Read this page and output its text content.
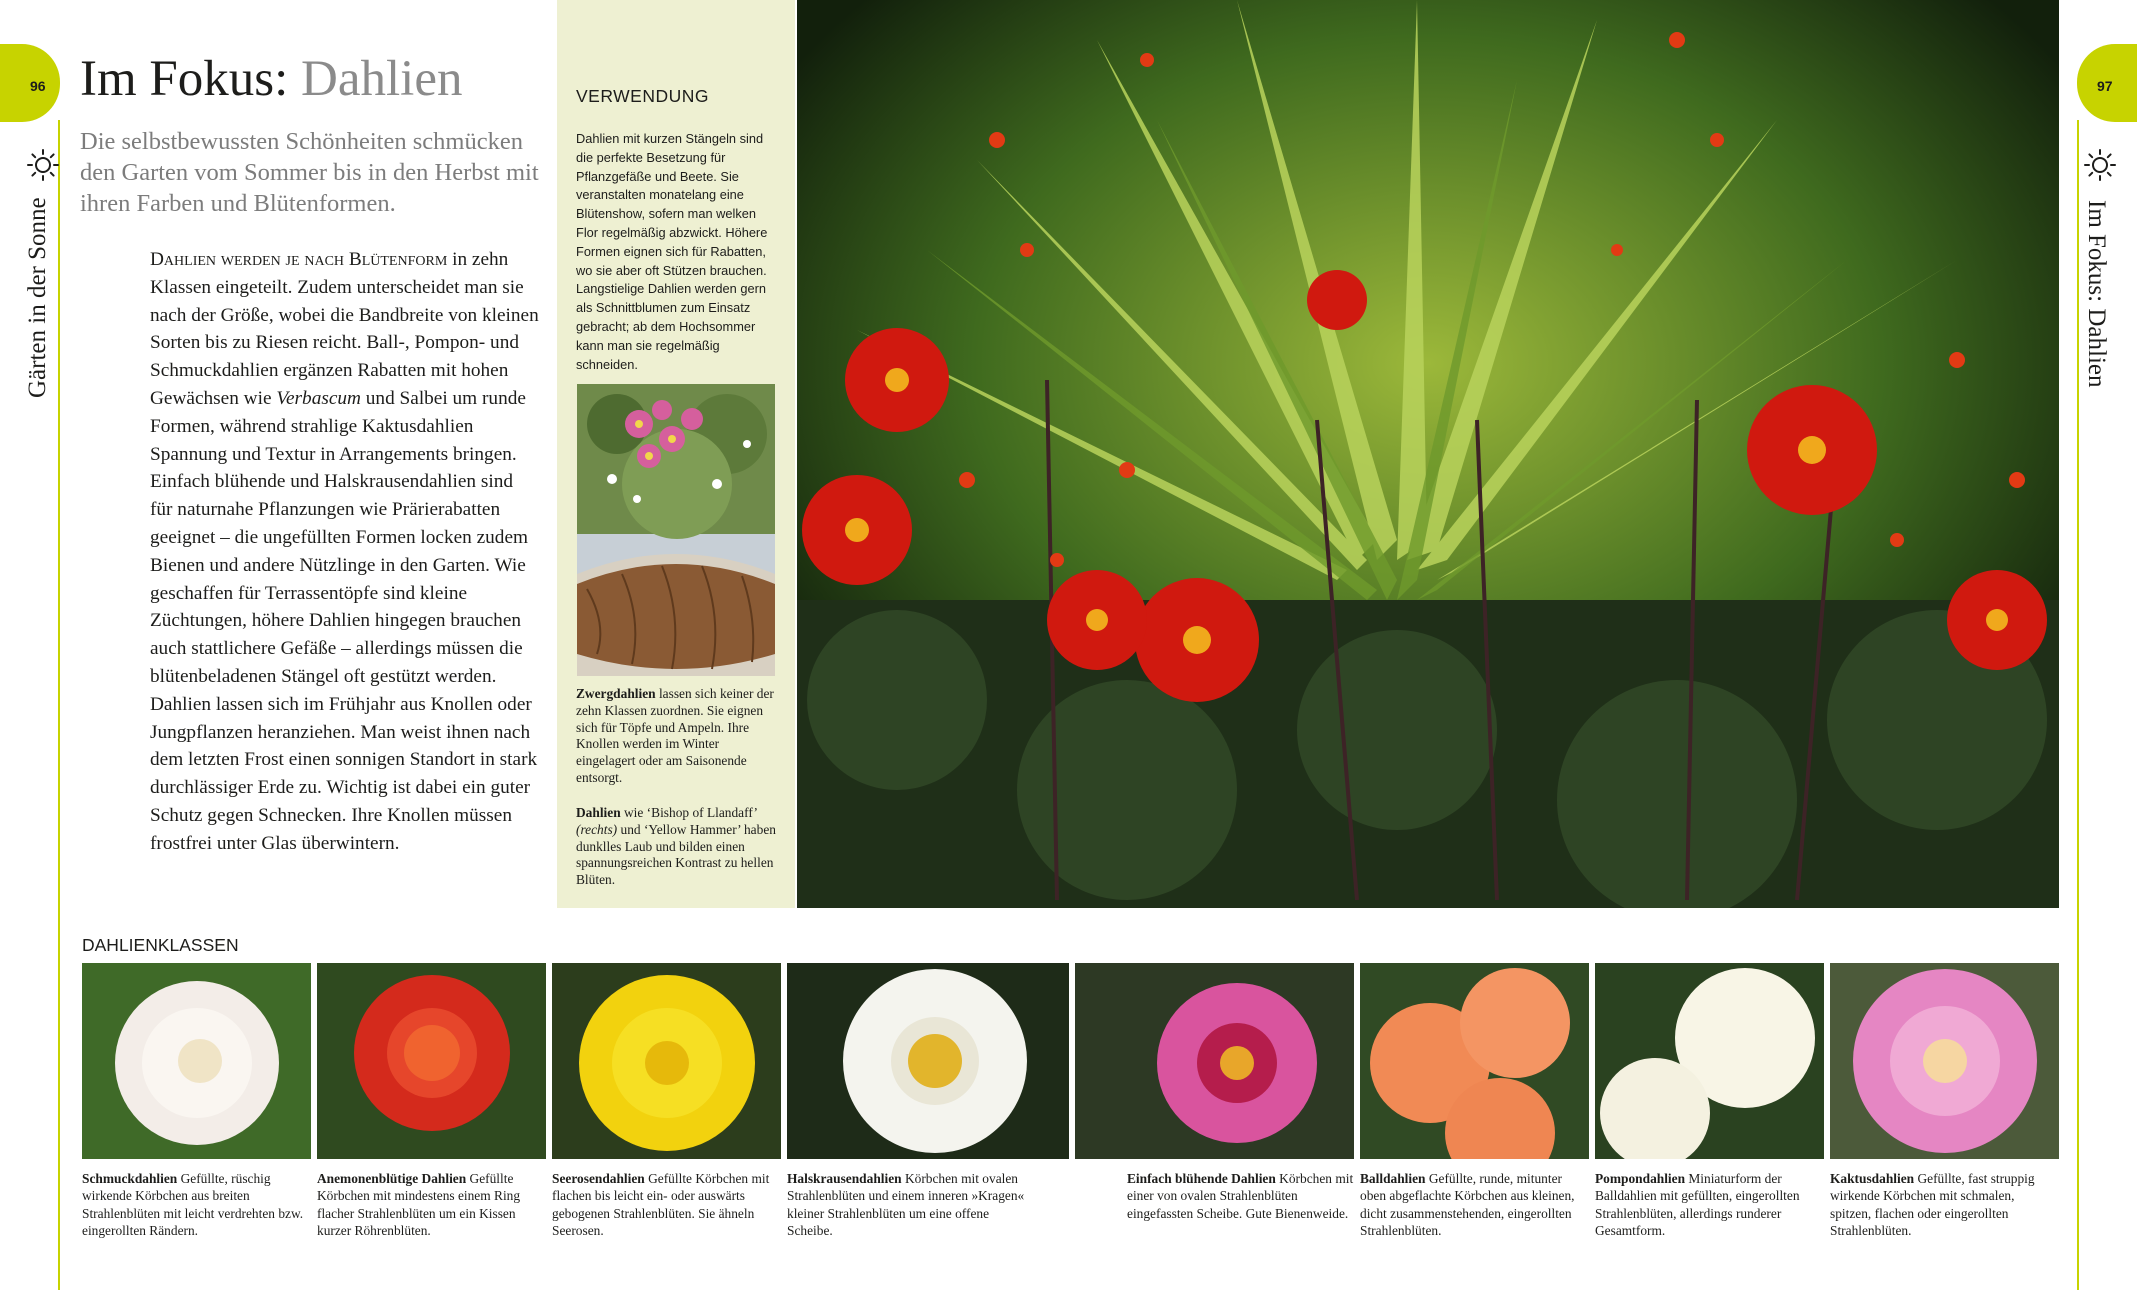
96
Gärten in der Sonne
97
Im Fokus: Dahlien
Im Fokus: Dahlien
Die selbstbewussten Schönheiten schmücken den Garten vom Sommer bis in den Herbst mit ihren Farben und Blütenformen.
Dahlien werden je nach Blütenform in zehn Klassen eingeteilt. Zudem unterscheidet man sie nach der Größe, wobei die Bandbreite von kleinen Sorten bis zu Riesen reicht. Ball-, Pompon- und Schmuckdahlien ergänzen Rabatten mit hohen Gewächsen wie Verbascum und Salbei um runde Formen, während strahlige Kaktusdahlien Spannung und Textur in Arrangements bringen. Einfach blühende und Halskrausendahlien sind für naturnahe Pflanzungen wie Prärierabatten geeignet – die ungefüllten Formen locken zudem Bienen und andere Nützlinge in den Garten. Wie geschaffen für Terrassentöpfe sind kleine Züchtungen, höhere Dahlien hingegen brauchen auch stattlichere Gefäße – allerdings müssen die blütenbeladenen Stängel oft gestützt werden. Dahlien lassen sich im Frühjahr aus Knollen oder Jungpflanzen heranziehen. Man weist ihnen nach dem letzten Frost einen sonnigen Standort in stark durchlässiger Erde zu. Wichtig ist dabei ein guter Schutz gegen Schnecken. Ihre Knollen müssen frostfrei unter Glas überwintern.
VERWENDUNG
Dahlien mit kurzen Stängeln sind die perfekte Besetzung für Pflanzgefäße und Beete. Sie veranstalten monatelang eine Blütenshow, sofern man welken Flor regelmäßig abzwickt. Höhere Formen eignen sich für Rabatten, wo sie aber oft Stützen brauchen. Langstielige Dahlien werden gern als Schnittblumen zum Einsatz gebracht; ab dem Hochsommer kann man sie regelmäßig schneiden.
Zwergdahlien lassen sich keiner der zehn Klassen zuordnen. Sie eignen sich für Töpfe und Ampeln. Ihre Knollen werden im Winter eingelagert oder am Saisonende entsorgt.
Dahlien wie ‘Bishop of Llandaff’ (rechts) und ‘Yellow Hammer’ haben dunklles Laub und bilden einen spannungsreichen Kontrast zu hellen Blüten.
DAHLIENKLASSEN
Schmuckdahlien Gefüllte, rüschig wirkende Körbchen aus breiten Strahlenblüten mit leicht verdrehten bzw. eingerollten Rändern.
Anemonenblütige Dahlien Gefüllte Körbchen mit mindestens einem Ring flacher Strahlenblüten um ein Kissen kurzer Röhrenblüten.
Seerosendahlien Gefüllte Körbchen mit flachen bis leicht ein- oder auswärts gebogenen Strahlenblüten. Sie ähneln Seerosen.
Halskrausendahlien Körbchen mit ovalen Strahlenblüten und einem inneren »Kragen« kleiner Strahlenblüten um eine offene Scheibe.
Einfach blühende Dahlien Körbchen mit einer von ovalen Strahlenblüten eingefassten Scheibe. Gute Bienenweide.
Balldahlien Gefüllte, runde, mitunter oben abgeflachte Körbchen aus kleinen, dicht zusammenstehenden, eingerollten Strahlenblüten.
Pompondahlien Miniaturform der Balldahlien mit gefüllten, eingerollten Strahlenblüten, allerdings runderer Gesamtform.
Kaktusdahlien Gefüllte, fast struppig wirkende Körbchen mit schmalen, spitzen, flachen oder eingerollten Strahlenblüten.
